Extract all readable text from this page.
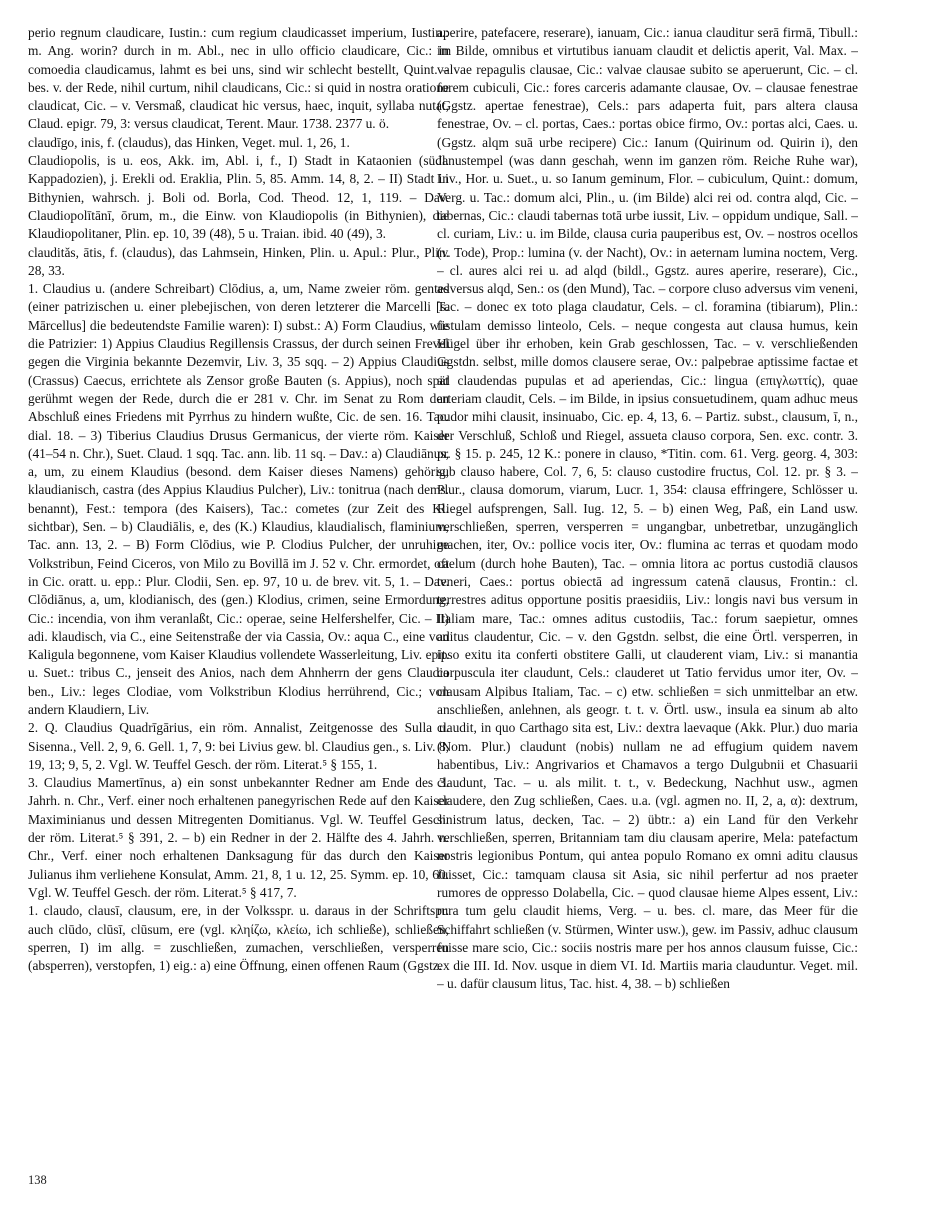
perio regnum claudicare, Iustin.: cum regium claudicasset imperium, Iustin.: m. Ang. worin? durch in m. Abl., nec in ullo officio claudicare, Cic.: in comoedia claudicamus, lahmt es bei uns, sind wir schlecht bestellt, Quint. – bes. v. der Rede, nihil curtum, nihil claudicans, Cic.: si quid in nostra oratione claudicat, Cic. – v. Versmaß, claudicat hic versus, haec, inquit, syllaba nutat, Claud. epigr. 79, 3: versus claudicat, Terent. Maur. 1738. 2377 u. ö.

claudīgo, inis, f. (claudus), das Hinken, Veget. mul. 1, 26, 1.

Claudiopolis, is u. eos, Akk. im, Abl. i, f., I) Stadt in Kataonien (südl. Kappadozien), j. Erekli od. Eraklia, Plin. 5, 85. Amm. 14, 8, 2. – II) Stadt in Bithynien, wahrsch. j. Boli od. Borla, Cod. Theod. 12, 1, 119. – Dav. Claudiopolītānī, ōrum, m., die Einw. von Klaudiopolis (in Bithynien), die Klaudiopolitaner, Plin. ep. 10, 39 (48), 5 u. Traian. ibid. 40 (49), 3.

claudităs, ātis, f. (claudus), das Lahmsein, Hinken, Plin. u. Apul.: Plur., Plin. 28, 33.

1. Claudius u. (andere Schreibart) Clōdius, a, um, Name zweier röm. gentes (einer patrizischen u. einer plebejischen, von deren letzterer die Marcelli [s. Mārcellus] die bedeutendste Familie waren): I) subst.: A) Form Claudius, wie die Patrizier: 1) Appius Claudius Regillensis Crassus, der durch seinen Frevel gegen die Virginia bekannte Dezemvir, Liv. 3, 35 sqq. – 2) Appius Claudius (Crassus) Caecus, errichtete als Zensor große Bauten (s. Appius), noch spät gerühmt wegen der Rede, durch die er 281 v. Chr. im Senat zu Rom den Abschluß eines Friedens mit Pyrrhus zu hindern wußte, Cic. de sen. 16. Tac. dial. 18. – 3) Tiberius Claudius Drusus Germanicus, der vierte röm. Kaiser (41–54 n. Chr.), Suet. Claud. 1 sqq. Tac. ann. lib. 11 sq. – Dav.: a) Claudiānus, a, um, zu einem Klaudius (besond. dem Kaiser dieses Namens) gehörig, klaudianisch, castra (des Appius Klaudius Pulcher), Liv.: tonitrua (nach dems. benannt), Fest.: tempora (des Kaisers), Tac.: cometes (zur Zeit des Kl. sichtbar), Sen. – b) Claudiālis, e, des (K.) Klaudius, klaudialisch, flaminium, Tac. ann. 13, 2. – B) Form Clōdius, wie P. Clodius Pulcher, der unruhige Volkstribun, Feind Ciceros, von Milo zu Bovillā im J. 52 v. Chr. ermordet, oft in Cic. oratt. u. epp.: Plur. Clodii, Sen. ep. 97, 10 u. de brev. vit. 5, 1. – Dav. Clōdiānus, a, um, klodianisch, des (gen.) Klodius, crimen, seine Ermordung, Cic.: incendia, von ihm veranlaßt, Cic.: operae, seine Helfershelfer, Cic. – II) adi. klaudisch, via C., eine Seitenstraße der via Cassia, Ov.: aqua C., eine von Kaligula begonnene, vom Kaiser Klaudius vollendete Wasserleitung, Liv. epit. u. Suet.: tribus C., jenseit des Anios, nach dem Ahnherrn der gens Claudia ben., Liv.: leges Clodiae, vom Volkstribun Klodius herrührend, Cic.; von andern Klaudiern, Liv.

2. Q. Claudius Quadrīgārius, ein röm. Annalist, Zeitgenosse des Sulla u. Sisenna., Vell. 2, 9, 6. Gell. 1, 7, 9: bei Livius gew. bl. Claudius gen., s. Liv. 8, 19, 13; 9, 5, 2. Vgl. W. Teuffel Gesch. der röm. Literat.⁵ § 155, 1.

3. Claudius Mamertīnus, a) ein sonst unbekannter Redner am Ende des 3. Jahrh. n. Chr., Verf. einer noch erhaltenen panegyrischen Rede auf den Kaiser Maximinianus und dessen Mitregenten Domitianus. Vgl. W. Teuffel Gesch. der röm. Literat.⁵ § 391, 2. – b) ein Redner in der 2. Hälfte des 4. Jahrh. n. Chr., Verf. einer noch erhaltenen Danksagung für das durch den Kaiser Julianus ihm verliehene Konsulat, Amm. 21, 8, 1 u. 12, 25. Symm. ep. 10, 60. Vgl. W. Teuffel Gesch. der röm. Literat.⁵ § 417, 7.

1. claudo, clausī, clausum, ere, in der Volksspr. u. daraus in der Schriftspr. auch clūdo, clūsī, clūsum, ere (vgl. κληίζω, κλείω, ich schließe), schließen, sperren, I) im allg. = zuschließen, zumachen, verschließen, versperren (absperren), verstopfen, 1) eig.: a) eine Öffnung, einen offenen Raum (Ggstz.

aperire, patefacere, reserare), ianuam, Cic.: ianua clauditur serā firmā, Tibull.: im Bilde, omnibus et virtutibus ianuam claudit et delictis aperit, Val. Max. – valvae repagulis clausae, Cic.: valvae clausae subito se aperuerunt, Cic. – cl. forem cubiculi, Cic.: fores carceris adamante clausae, Ov. – clausae fenestrae (Ggstz. apertae fenestrae), Cels.: pars adaperta fuit, pars altera clausa fenestrae, Ov. – cl. portas, Caes.: portas obice firmo, Ov.: portas alci, Caes. u. (Ggstz. alqm suā urbe recipere) Cic.: Ianum (Quirinum od. Quirin i), den Janustempel (was dann geschah, wenn im ganzen röm. Reiche Ruhe war), Liv., Hor. u. Suet., u. so Ianum geminum, Flor. – cubiculum, Quint.: domum, Verg. u. Tac.: domum alci, Plin., u. (im Bilde) alci rei od. contra alqd, Cic. – tabernas, Cic.: claudi tabernas totā urbe iussit, Liv. – oppidum undique, Sall. – cl. curiam, Liv.: u. im Bilde, clausa curia pauperibus est, Ov. – nostros ocellos (v. Tode), Prop.: lumina (v. der Nacht), Ov.: in aeternam lumina noctem, Verg. – cl. aures alci rei u. ad alqd (bildl., Ggstz. aures aperire, reserare), Cic., adversus alqd, Sen.: os (den Mund), Tac. – corpore cluso adversus vim veneni, Tac. – donec ex toto plaga claudatur, Cels. – cl. foramina (tibiarum), Plin.: fistulam demisso linteolo, Cels. – neque congesta aut clausa humus, kein Hügel über ihr erhoben, kein Grab geschlossen, Tac. – v. verschließenden Ggstdn. selbst, mille domos clausere serae, Ov.: palpebrae aptissime factae et ad claudendas pupulas et ad aperiendas, Cic.: lingua (επιγλωττίς), quae arteriam claudit, Cels. – im Bilde, in ipsius consuetudinem, quam adhuc meus pudor mihi clausit, insinuabo, Cic. ep. 4, 13, 6. – Partiz. subst., clausum, ī, n., der Verschluß, Schloß und Riegel, assueta clauso corpora, Sen. exc. contr. 3. pr. § 15. p. 245, 12 K.: ponere in clauso, *Titin. com. 61. Verg. georg. 4, 303: sub clauso habere, Col. 7, 6, 5: clauso custodire fructus, Col. 12. pr. § 3. – Plur., clausa domorum, viarum, Lucr. 1, 354: clausa effringere, Schlösser u. Riegel aufsprengen, Sall. Iug. 12, 5. – b) einen Weg, Paß, ein Land usw. verschließen, sperren, versperren = ungangbar, unbetretbar, unzugänglich machen, iter, Ov.: pollice vocis iter, Ov.: flumina ac terras et quodam modo caelum (durch hohe Bauten), Tac. – omnia litora ac portus custodiā clausos teneri, Caes.: portus obiectā ad ingressum catenā clausus, Frontin.: cl. terrestres aditus opportune positis praesidiis, Liv.: longis navi bus versum in Italiam mare, Tac.: omnes aditus custodiis, Tac.: forum saepietur, omnes aditus claudentur, Cic. – v. den Ggstdn. selbst, die eine Örtl. versperren, in ipso exitu ita conferti obstitere Galli, ut clauderent viam, Liv.: si manantia corpuscula iter claudunt, Cels.: clauderet ut Tatio fervidus umor iter, Ov. – clausam Alpibus Italiam, Tac. – c) etw. schließen = sich unmittelbar an etw. anschließen, anlehnen, als geogr. t. t. v. Örtl. usw., insula ea sinum ab alto claudit, in quo Carthago sita est, Liv.: dextra laevaque (Akk. Plur.) duo maria (Nom. Plur.) claudunt (nobis) nullam ne ad effugium quidem navem habentibus, Liv.: Angrivarios et Chamavos a tergo Dulgubnii et Chasuarii claudunt, Tac. – u. als milit. t. t., v. Bedeckung, Nachhut usw., agmen claudere, den Zug schließen, Caes. u.a. (vgl. agmen no. II, 2, a, α): dextrum, sinistrum latus, decken, Tac. – 2) übtr.: a) ein Land für den Verkehr verschließen, sperren, Britanniam tam diu clausam aperire, Mela: patefactum nostris legionibus Pontum, qui antea populo Romano ex omni aditu clausus fuisset, Cic.: tamquam clausa sit Asia, sic nihil perfertur ad nos praeter rumores de oppresso Dolabella, Cic. – quod clausae hieme Alpes essent, Liv.: rura tum gelu claudit hiems, Verg. – u. bes. cl. mare, das Meer für die Schiffahrt schließen (v. Stürmen, Winter usw.), gew. im Passiv, adhuc clausum fuisse mare scio, Cic.: sociis nostris mare per hos annos clausum fuisse, Cic.: ex die III. Id. Nov. usque in diem VI. Id. Martiis maria clauduntur. Veget. mil. – u. dafür clausum litus, Tac. hist. 4, 38. – b) schließen

138
